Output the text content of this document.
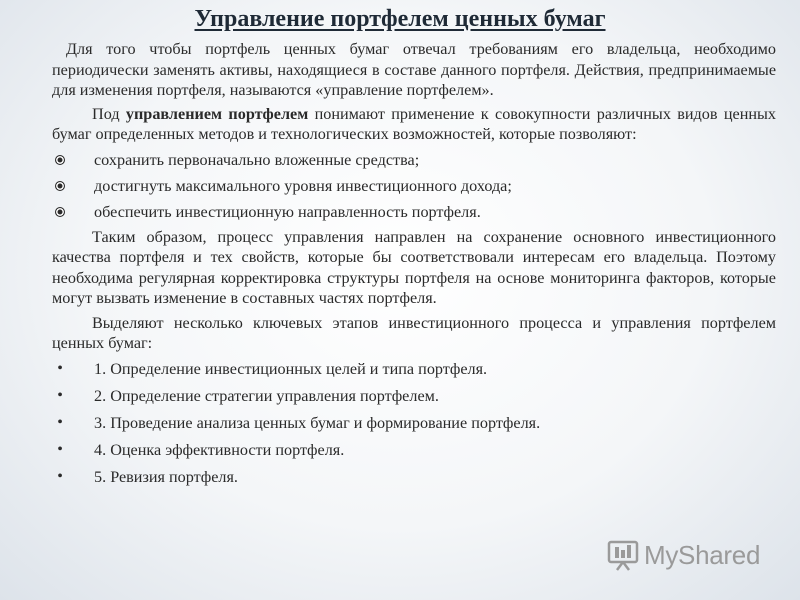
Управление портфелем ценных бумаг

Для того чтобы портфель ценных бумаг отвечал требованиям его владельца, необходимо периодически заменять активы, находящиеся в составе данного портфеля. Действия, предпринимаемые для изменения портфеля, называются «управление портфелем».

Под управлением портфелем понимают применение к совокупности различных видов ценных бумаг определенных методов и технологических возможностей, которые позволяют:

сохранить первоначально вложенные средства;
достигнуть максимального уровня инвестиционного дохода;
обеспечить инвестиционную направленность портфеля.

Таким образом, процесс управления направлен на сохранение основного инвестиционного качества портфеля и тех свойств, которые бы соответствовали интересам его владельца. Поэтому необходима регулярная корректировка структуры портфеля на основе мониторинга факторов, которые могут вызвать изменение в составных частях портфеля.

Выделяют несколько ключевых этапов инвестиционного процесса и управления портфелем ценных бумаг:

•	1. Определение инвестиционных целей и типа портфеля.
•	2. Определение стратегии управления портфелем.
•	3. Проведение анализа ценных бумаг и формирование портфеля.
•	4. Оценка эффективности портфеля.
•	5. Ревизия портфеля.
MyShared
